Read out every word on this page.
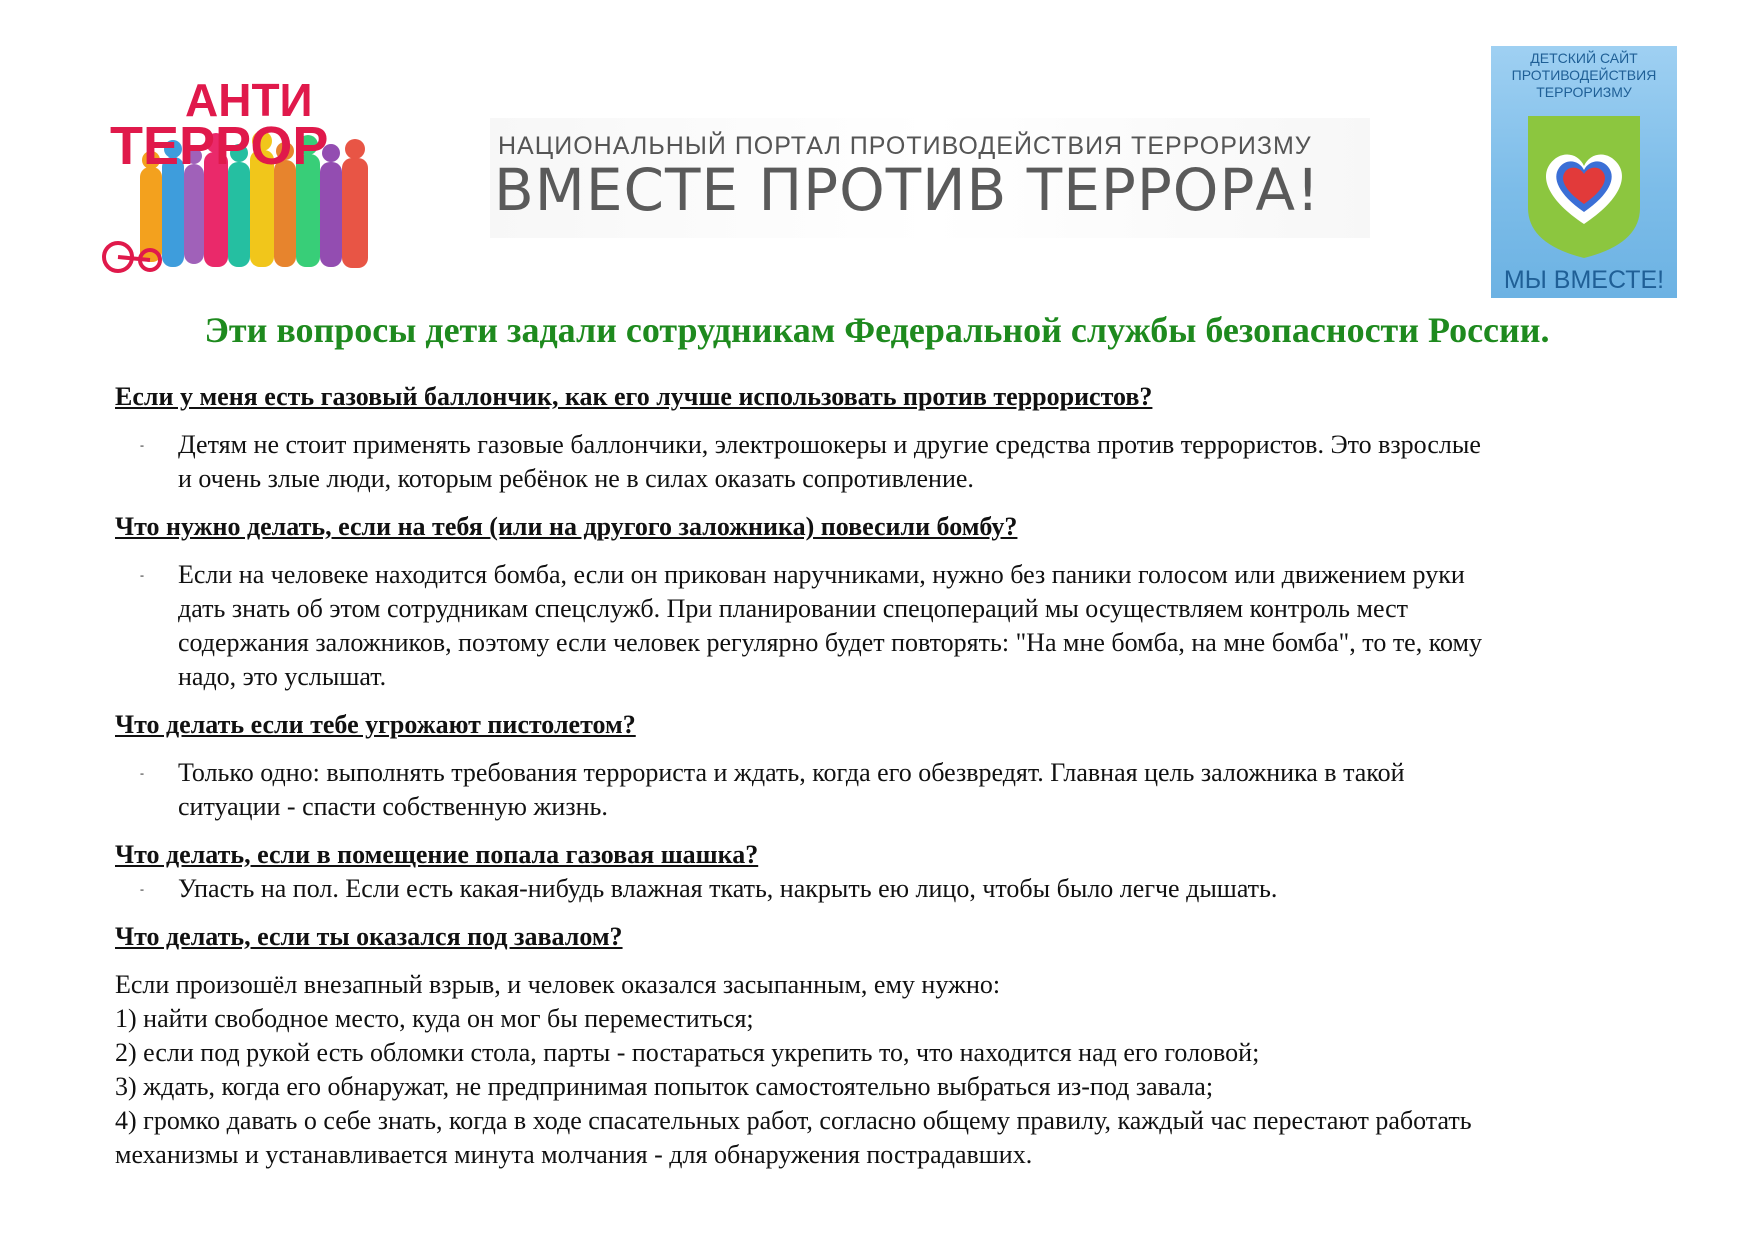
АНТИ
ТЕРРОР	НАЦИОНАЛЬНЫЙ ПОРТАЛ ПРОТИВОДЕЙСТВИЯ ТЕРРОРИЗМУ
ВМЕСТЕ ПРОТИВ ТЕРРОРА!
ДЕТСКИЙ САЙТ
ПРОТИВОДЕЙСТВИЯ
ТЕРРОРИЗМУ
МЫ ВМЕСТЕ!
Эти вопросы дети задали сотрудникам Федеральной службы безопасности России.

Если у меня есть газовый баллончик, как его лучше использовать против террористов?

- Детям не стоит применять газовые баллончики, электрошокеры и другие средства против террористов. Это взрослые
и очень злые люди, которым ребёнок не в силах оказать сопротивление.

Что нужно делать, если на тебя (или на другого заложника) повесили бомбу?

- Если на человеке находится бомба, если он прикован наручниками, нужно без паники голосом или движением руки
дать знать об этом сотрудникам спецслужб. При планировании спецопераций мы осуществляем контроль мест
содержания заложников, поэтому если человек регулярно будет повторять: "На мне бомба, на мне бомба", то те, кому
надо, это услышат.

Что делать если тебе угрожают пистолетом?

- Только одно: выполнять требования террориста и ждать, когда его обезвредят. Главная цель заложника в такой
ситуации - спасти собственную жизнь.

Что делать, если в помещение попала газовая шашка?

- Упасть на пол. Если есть какая-нибудь влажная ткать, накрыть ею лицо, чтобы было легче дышать.

Что делать, если ты оказался под завалом?

Если произошёл внезапный взрыв, и человек оказался засыпанным, ему нужно:

1) найти свободное место, куда он мог бы переместиться;

2) если под рукой есть обломки стола, парты - постараться укрепить то, что находится над его головой;

3) ждать, когда его обнаружат, не предпринимая попыток самостоятельно выбраться из-под завала;

4) громко давать о себе знать, когда в ходе спасательных работ, согласно общему правилу, каждый час перестают работать

механизмы и устанавливается минута молчания - для обнаружения пострадавших.
